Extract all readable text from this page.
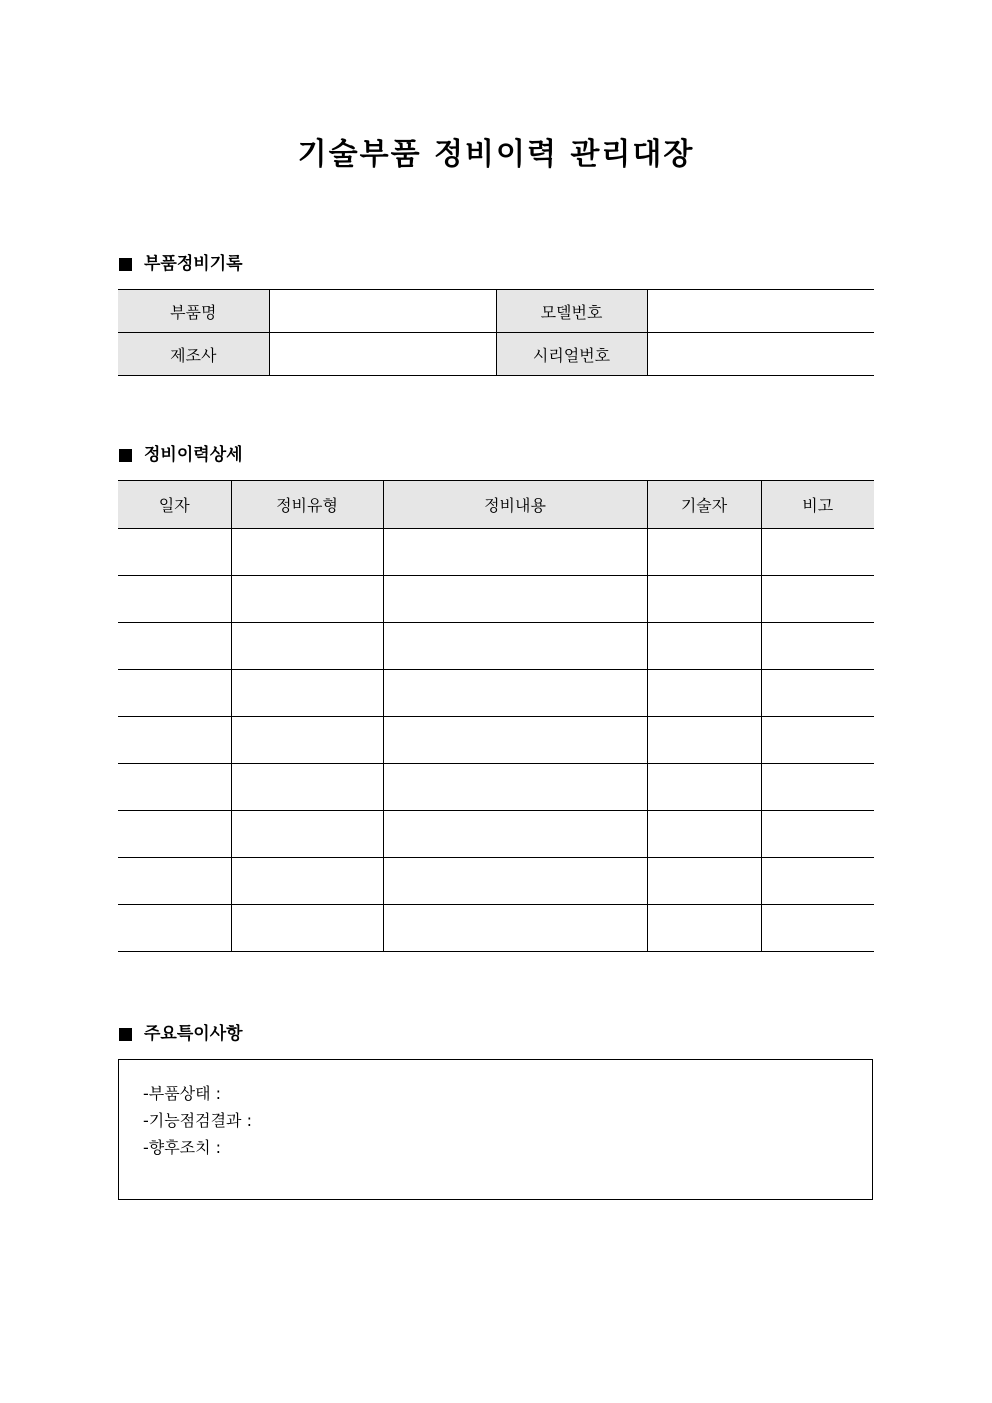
기술부품 정비이력 관리대장
부품정비기록
부품명		모델번호	
제조사		시리얼번호	
정비이력상세
일자	정비유형	정비내용	기술자	비고

주요특이사항
-부품상태 :
-기능점검결과 :
-향후조치 :
